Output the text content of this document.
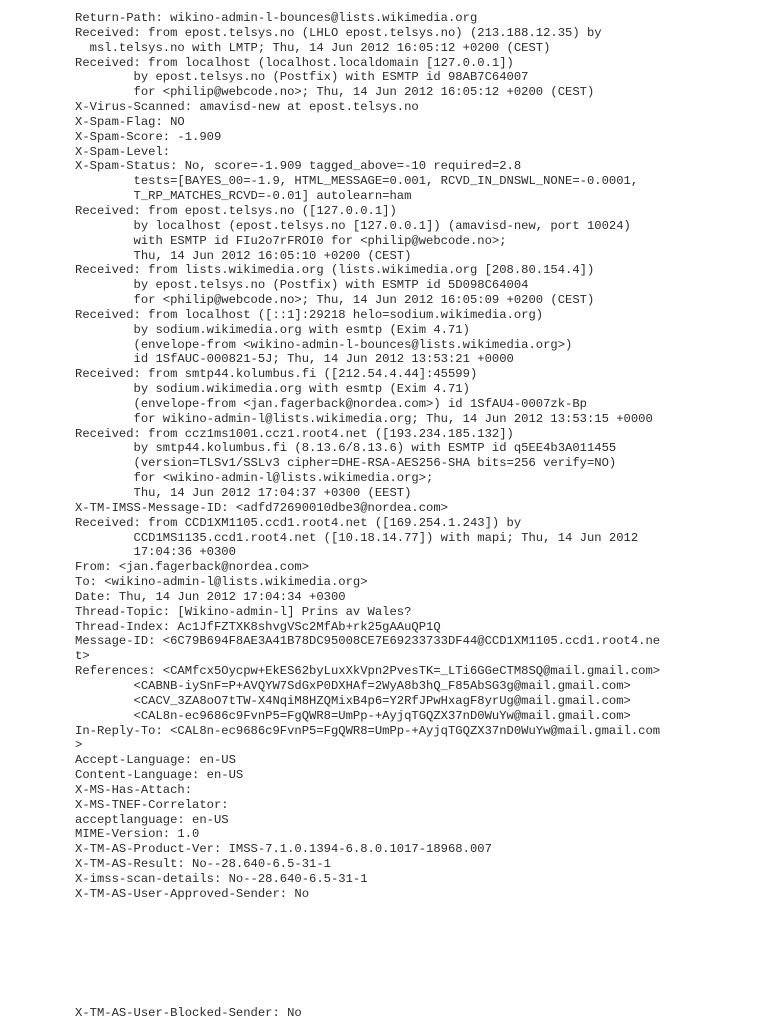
Return-Path: wikino-admin-l-bounces@lists.wikimedia.org
Received: from epost.telsys.no (LHLO epost.telsys.no) (213.188.12.35) by
msl.telsys.no with LMTP; Thu, 14 Jun 2012 16:05:12 +0200 (CEST)
Received: from localhost (localhost.localdomain [127.0.0.1])
by epost.telsys.no (Postfix) with ESMTP id 98AB7C64007
for <philip@webcode.no>; Thu, 14 Jun 2012 16:05:12 +0200 (CEST)
X-Virus-Scanned: amavisd-new at epost.telsys.no
X-Spam-Flag: NO
X-Spam-Score: -1.909
X-Spam-Level:
X-Spam-Status: No, score=-1.909 tagged_above=-10 required=2.8
tests=[BAYES_00=-1.9, HTML_MESSAGE=0.001, RCVD_IN_DNSWL_NONE=-0.0001,
T_RP_MATCHES_RCVD=-0.01] autolearn=ham
Received: from epost.telsys.no ([127.0.0.1])
by localhost (epost.telsys.no [127.0.0.1]) (amavisd-new, port 10024)
with ESMTP id FIu2o7rFROI0 for <philip@webcode.no>;
Thu, 14 Jun 2012 16:05:10 +0200 (CEST)
Received: from lists.wikimedia.org (lists.wikimedia.org [208.80.154.4])
by epost.telsys.no (Postfix) with ESMTP id 5D098C64004
for <philip@webcode.no>; Thu, 14 Jun 2012 16:05:09 +0200 (CEST)
Received: from localhost ([::1]:29218 helo=sodium.wikimedia.org)
by sodium.wikimedia.org with esmtp (Exim 4.71)
(envelope-from <wikino-admin-l-bounces@lists.wikimedia.org>)
id 1SfAUC-000821-5J; Thu, 14 Jun 2012 13:53:21 +0000
Received: from smtp44.kolumbus.fi ([212.54.4.44]:45599)
by sodium.wikimedia.org with esmtp (Exim 4.71)
(envelope-from <jan.fagerback@nordea.com>) id 1SfAU4-0007zk-Bp
for wikino-admin-l@lists.wikimedia.org; Thu, 14 Jun 2012 13:53:15 +0000
Received: from ccz1ms1001.ccz1.root4.net ([193.234.185.132])
by smtp44.kolumbus.fi (8.13.6/8.13.6) with ESMTP id q5EE4b3A011455
(version=TLSv1/SSLv3 cipher=DHE-RSA-AES256-SHA bits=256 verify=NO)
for <wikino-admin-l@lists.wikimedia.org>;
Thu, 14 Jun 2012 17:04:37 +0300 (EEST)
X-TM-IMSS-Message-ID: <adfd72690010dbe3@nordea.com>
Received: from CCD1XM1105.ccd1.root4.net ([169.254.1.243]) by
CCD1MS1135.ccd1.root4.net ([10.18.14.77]) with mapi; Thu, 14 Jun 2012
17:04:36 +0300
From: <jan.fagerback@nordea.com>
To: <wikino-admin-l@lists.wikimedia.org>
Date: Thu, 14 Jun 2012 17:04:34 +0300
Thread-Topic: [Wikino-admin-l] Prins av Wales?
Thread-Index: Ac1JfFZTXK8shvgVSc2MfAb+rk25gAAuQP1Q
Message-ID: <6C79B694F8AE3A41B78DC95008CE7E69233733DF44@CCD1XM1105.ccd1.root4.ne
t>
References: <CAMfcx5Oycpw+EkES62byLuxXkVpn2PvesTK=_LTi6GGeCTM8SQ@mail.gmail.com>
<CABNB-iySnF=P+AVQYW7SdGxP0DXHAf=2WyA8b3hQ_F85AbSG3g@mail.gmail.com>
<CACV_3ZA8oO7tTW-X4NqiM8HZQMixB4p6=Y2RfJPwHxagF8yrUg@mail.gmail.com>
<CAL8n-ec9686c9FvnP5=FgQWR8=UmPp-+AyjqTGQZX37nD0WuYw@mail.gmail.com>
In-Reply-To: <CAL8n-ec9686c9FvnP5=FgQWR8=UmPp-+AyjqTGQZX37nD0WuYw@mail.gmail.com
>
Accept-Language: en-US
Content-Language: en-US
X-MS-Has-Attach:
X-MS-TNEF-Correlator:
acceptlanguage: en-US
MIME-Version: 1.0
X-TM-AS-Product-Ver: IMSS-7.1.0.1394-6.8.0.1017-18968.007
X-TM-AS-Result: No--28.640-6.5-31-1
X-imss-scan-details: No--28.640-6.5-31-1
X-TM-AS-User-Approved-Sender: No
X-TM-AS-User-Blocked-Sender: No
